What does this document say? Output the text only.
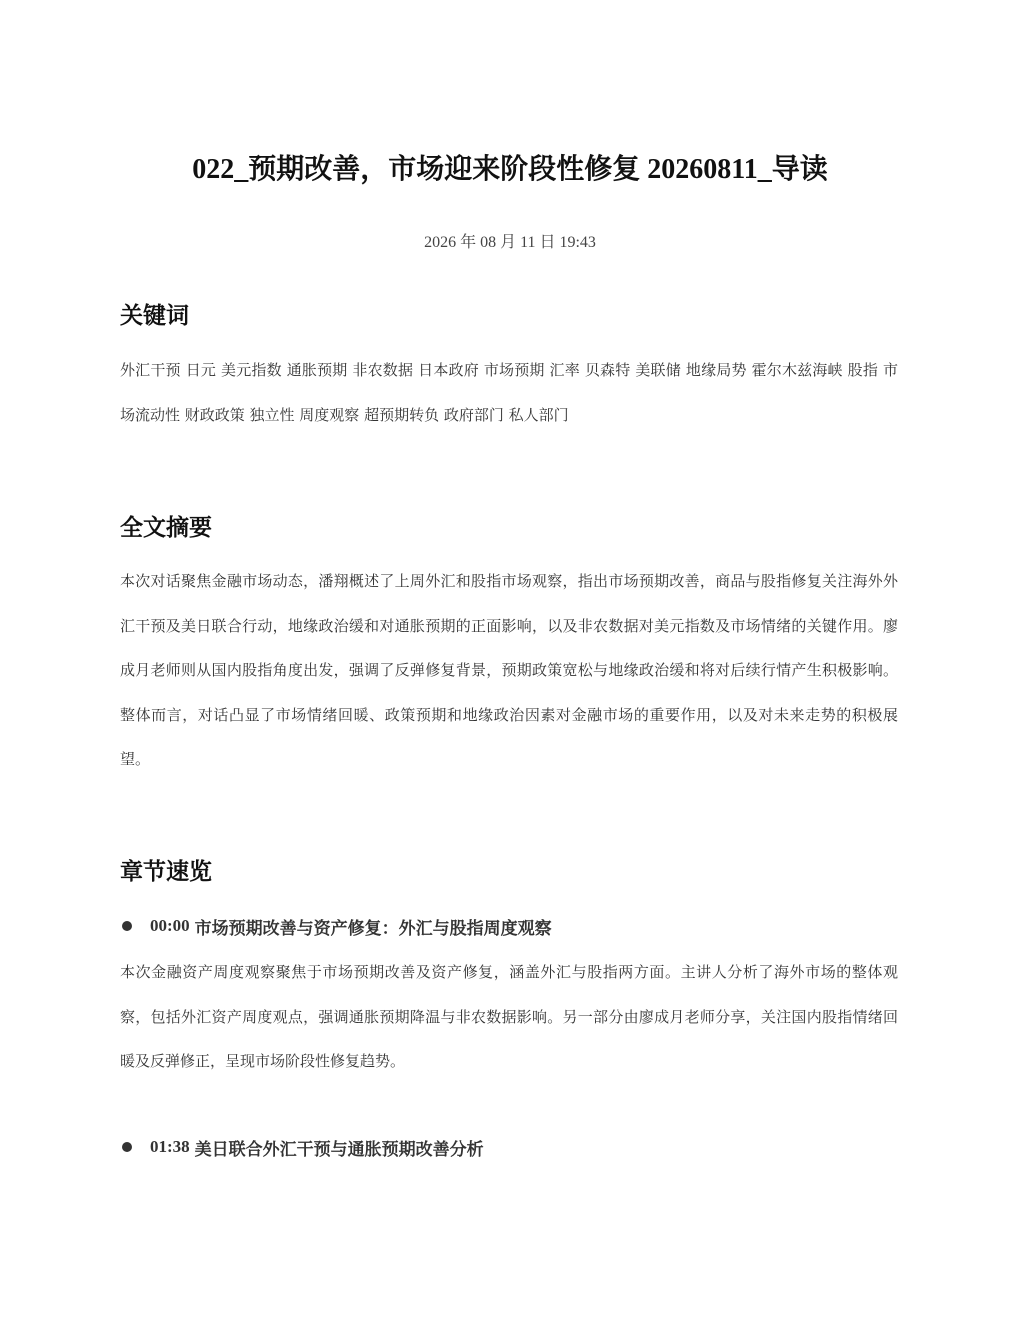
022_预期改善，市场迎来阶段性修复 20260811_导读
2026 年 08 月 11 日 19:43
关键词

外汇干预 日元 美元指数 通胀预期 非农数据 日本政府 市场预期 汇率 贝森特 美联储 地缘局势 霍尔木兹海峡 股指 市场流动性 财政政策 独立性 周度观察 超预期转负 政府部门 私人部门

全文摘要

本次对话聚焦金融市场动态，潘翔概述了上周外汇和股指市场观察，指出市场预期改善，商品与股指修复关注海外外汇干预及美日联合行动，地缘政治缓和对通胀预期的正面影响，以及非农数据对美元指数及市场情绪的关键作用。廖成月老师则从国内股指角度出发，强调了反弹修复背景，预期政策宽松与地缘政治缓和将对后续行情产生积极影响。整体而言，对话凸显了市场情绪回暖、政策预期和地缘政治因素对金融市场的重要作用，以及对未来走势的积极展望。

章节速览
00:00 市场预期改善与资产修复：外汇与股指周度观察

本次金融资产周度观察聚焦于市场预期改善及资产修复，涵盖外汇与股指两方面。主讲人分析了海外市场的整体观察，包括外汇资产周度观点，强调通胀预期降温与非农数据影响。另一部分由廖成月老师分享，关注国内股指情绪回暖及反弹修正，呈现市场阶段性修复趋势。

01:38 美日联合外汇干预与通胀预期改善分析
